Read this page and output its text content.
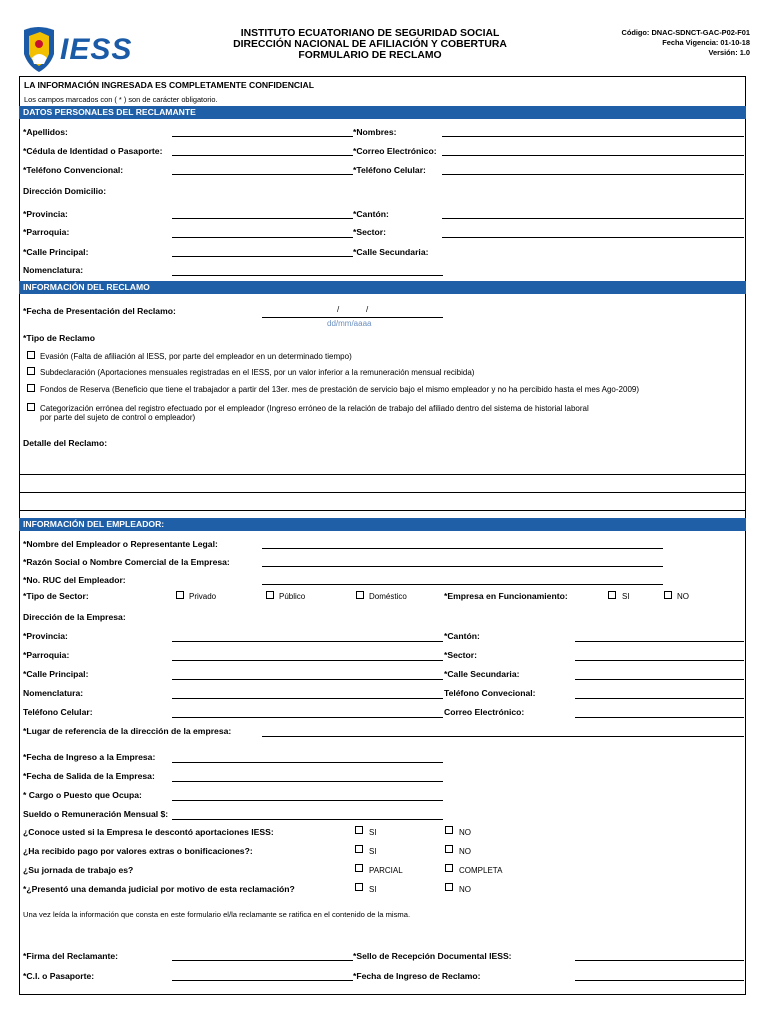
IESS	INSTITUTO ECUATORIANO DE SEGURIDAD SOCIAL
DIRECCIÓN NACIONAL DE AFILIACIÓN Y COBERTURA
FORMULARIO DE RECLAMO
Código: DNAC-SDNCT-GAC-P02-F01
Fecha Vigencia: 01-10-18
Versión: 1.0
LA INFORMACIÓN INGRESADA ES COMPLETAMENTE CONFIDENCIAL
Los campos marcados con ( * ) son de carácter obligatorio.
DATOS PERSONALES DEL RECLAMANTE
*Apellidos:	*Nombres:
*Cédula de Identidad o Pasaporte:	*Correo Electrónico:
*Teléfono Convencional:	*Teléfono Celular:
Dirección Domicilio:
*Provincia:	*Cantón:
*Parroquia:	*Sector:
*Calle Principal:	*Calle Secundaria:
Nomenclatura:
INFORMACIÓN DEL RECLAMO
*Fecha de Presentación del Reclamo:	/	/
dd/mm/aaaa
*Tipo de Reclamo
Evasión (Falta de afiliación al IESS, por parte del empleador en un determinado tiempo)
Subdeclaración (Aportaciones mensuales registradas en el IESS, por un valor inferior a la remuneración mensual recibida)
Fondos de Reserva (Beneficio que tiene el trabajador a partir del 13er. mes de prestación de servicio bajo el mismo empleador y no ha percibido hasta el mes Ago-2009)
Categorización errónea del registro efectuado por el empleador (Ingreso erróneo de la relación de trabajo del afiliado dentro del sistema de historial laboral
por parte del sujeto de control o empleador)
Detalle del Reclamo:
INFORMACIÓN DEL EMPLEADOR:
*Nombre del Empleador o Representante Legal:
*Razón Social o Nombre Comercial de la Empresa:
*No. RUC del Empleador:
*Tipo de Sector:	Privado	Público	Doméstico	*Empresa en Funcionamiento:	SI	NO
Dirección de la Empresa:
*Provincia:	*Cantón:
*Parroquia:	*Sector:
*Calle Principal:	*Calle Secundaria:
Nomenclatura:	Teléfono Convecional:
Teléfono Celular:	Correo Electrónico:
*Lugar de referencia de la dirección de la empresa:
*Fecha de Ingreso a la Empresa:
*Fecha de Salida de la Empresa:
* Cargo o Puesto que Ocupa:
Sueldo o Remuneración Mensual $:
¿Conoce usted si la Empresa le descontó aportaciones IESS:	SI	NO
¿Ha recibido pago por valores extras o bonificaciones?:	SI	NO
¿Su jornada de trabajo es?	PARCIAL	COMPLETA
*¿Presentó una demanda judicial por motivo de esta reclamación?	SI	NO
Una vez leída la información que consta en este formulario el/la reclamante se ratifica en el contenido de la misma.
*Firma del Reclamante:	*Sello de Recepción Documental IESS:
*C.I. o Pasaporte:	*Fecha de Ingreso de Reclamo:
